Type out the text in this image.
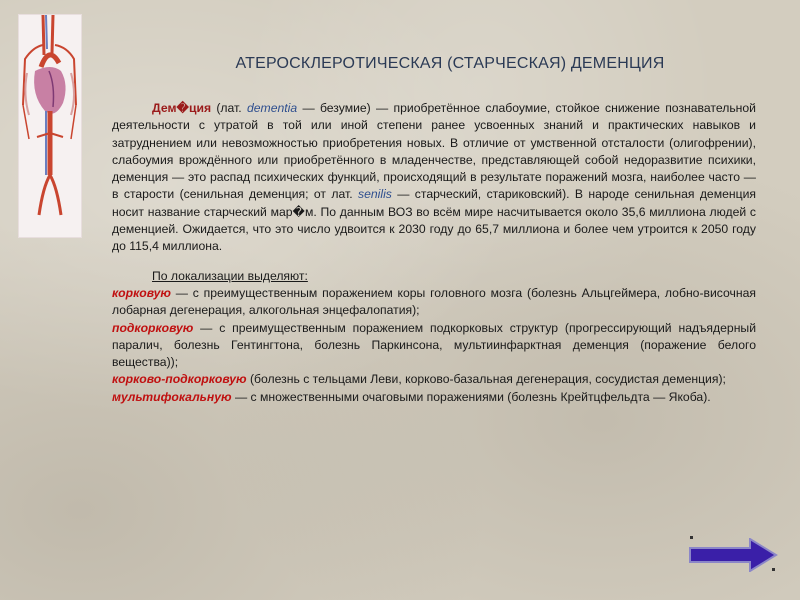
АТЕРОСКЛЕРОТИЧЕСКАЯ (СТАРЧЕСКАЯ) ДЕМЕНЦИЯ

Дем�ция (лат. dementia — безумие) — приобретённое слабоумие, стойкое снижение познавательной деятельности с утратой в той или иной степени ранее усвоенных знаний и практических навыков и затруднением или невозможностью приобретения новых. В отличие от умственной отсталости (олигофрении), слабоумия врождённого или приобретённого в младенчестве, представляющей собой недоразвитие психики, деменция — это распад психических функций, происходящий в результате поражений мозга, наиболее часто — в старости (сенильная деменция; от лат. senilis — старческий, стариковский). В народе сенильная деменция носит название старческий мар�м. По данным ВОЗ во всём мире насчитывается около 35,6 миллиона людей с деменцией. Ожидается, что это число удвоится к 2030 году до 65,7 миллиона и более чем утроится к 2050 году до 115,4 миллиона.

По локализации выделяют:

корковую — с преимущественным поражением коры головного мозга (болезнь Альцгеймера, лобно-височная лобарная дегенерация, алкогольная энцефалопатия);

подкорковую — с преимущественным поражением подкорковых структур (прогрессирующий надъядерный паралич, болезнь Гентингтона, болезнь Паркинсона, мультиинфарктная деменция (поражение белого вещества));

корково-подкорковую (болезнь с тельцами Леви, корково-базальная дегенерация, сосудистая деменция);

мультифокальную — с множественными очаговыми поражениями (болезнь Крейтцфельдта — Якоба).
